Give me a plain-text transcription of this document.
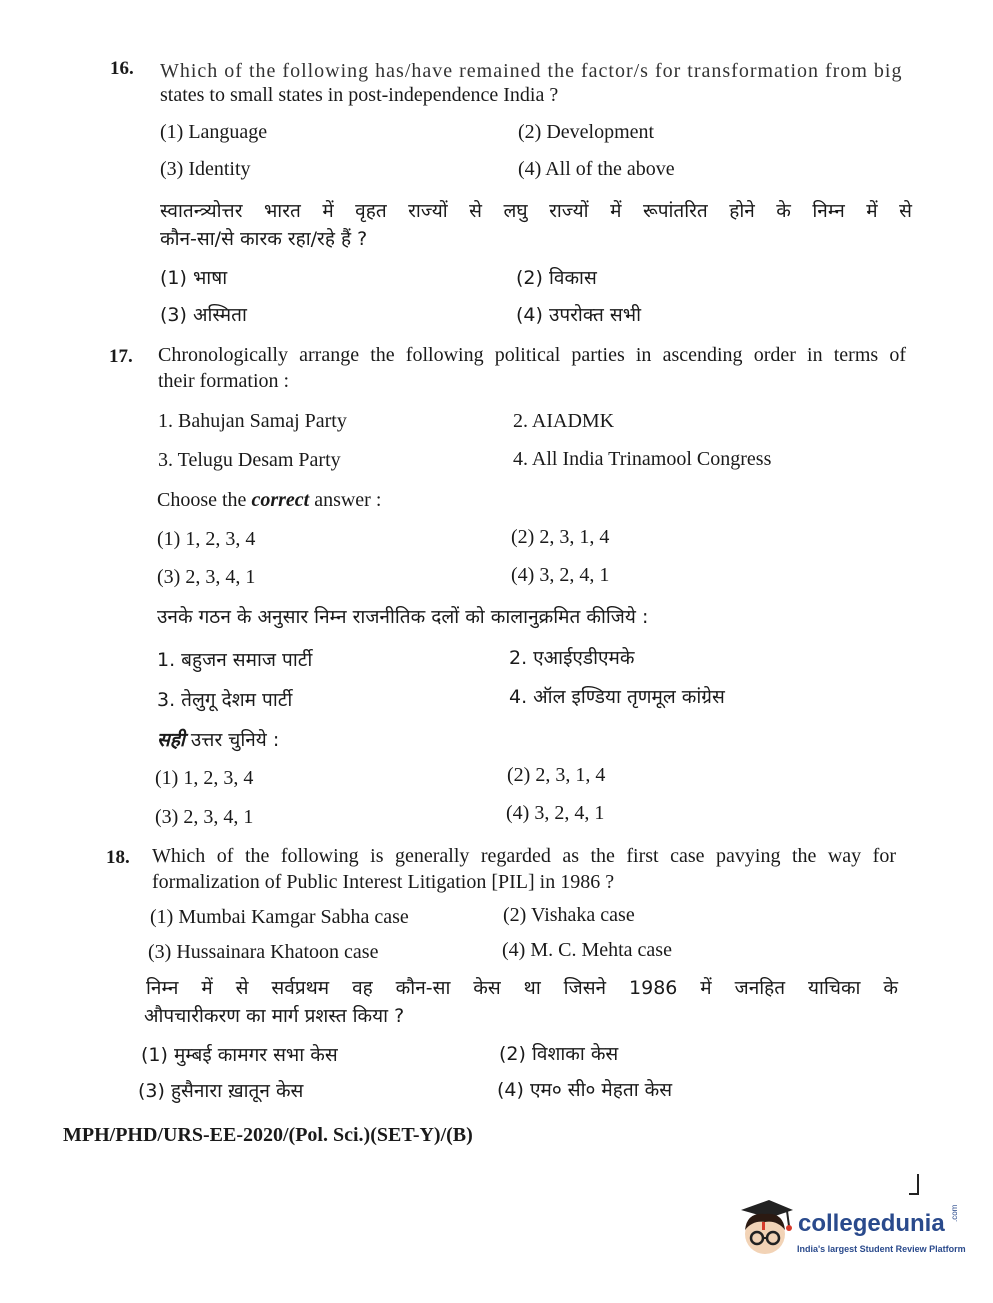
16. Which of the following has/have remained the factor/s for transformation from big
states to small states in post-independence India ?
(1) Language	(2) Development
(3) Identity	(4) All of the above
स्वातन्त्र्योत्तर भारत में वृहत राज्यों से लघु राज्यों में रूपांतरित होने के निम्न में से
कौन-सा/से कारक रहा/रहे हैं ?
(1) भाषा	(2) विकास
(3) अस्मिता	(4) उपरोक्त सभी
17. Chronologically arrange the following political parties in ascending order in terms of
their formation :
1. Bahujan Samaj Party	2. AIADMK
3. Telugu Desam Party	4. All India Trinamool Congress
Choose the correct answer :
(1) 1, 2, 3, 4	(2) 2, 3, 1, 4
(3) 2, 3, 4, 1	(4) 3, 2, 4, 1
उनके गठन के अनुसार निम्न राजनीतिक दलों को कालानुक्रमित कीजिये :
1. बहुजन समाज पार्टी	2. एआईएडीएमके
3. तेलुगू देशम पार्टी	4. ऑल इण्डिया तृणमूल कांग्रेस
सही उत्तर चुनिये :
(1) 1, 2, 3, 4	(2) 2, 3, 1, 4
(3) 2, 3, 4, 1	(4) 3, 2, 4, 1
18. Which of the following is generally regarded as the first case pavying the way for
formalization of Public Interest Litigation [PIL] in 1986 ?
(1) Mumbai Kamgar Sabha case	(2) Vishaka case
(3) Hussainara Khatoon case	(4) M. C. Mehta case
निम्न में से सर्वप्रथम वह कौन-सा केस था जिसने 1986 में जनहित याचिका के
औपचारीकरण का मार्ग प्रशस्त किया ?
(1) मुम्बई कामगर सभा केस	(2) विशाका केस
(3) हुसैनारा ख़ातून केस	(4) एम० सी० मेहता केस
MPH/PHD/URS-EE-2020/(Pol. Sci.)(SET-Y)/(B)
collegedunia .com
India's largest Student Review Platform
